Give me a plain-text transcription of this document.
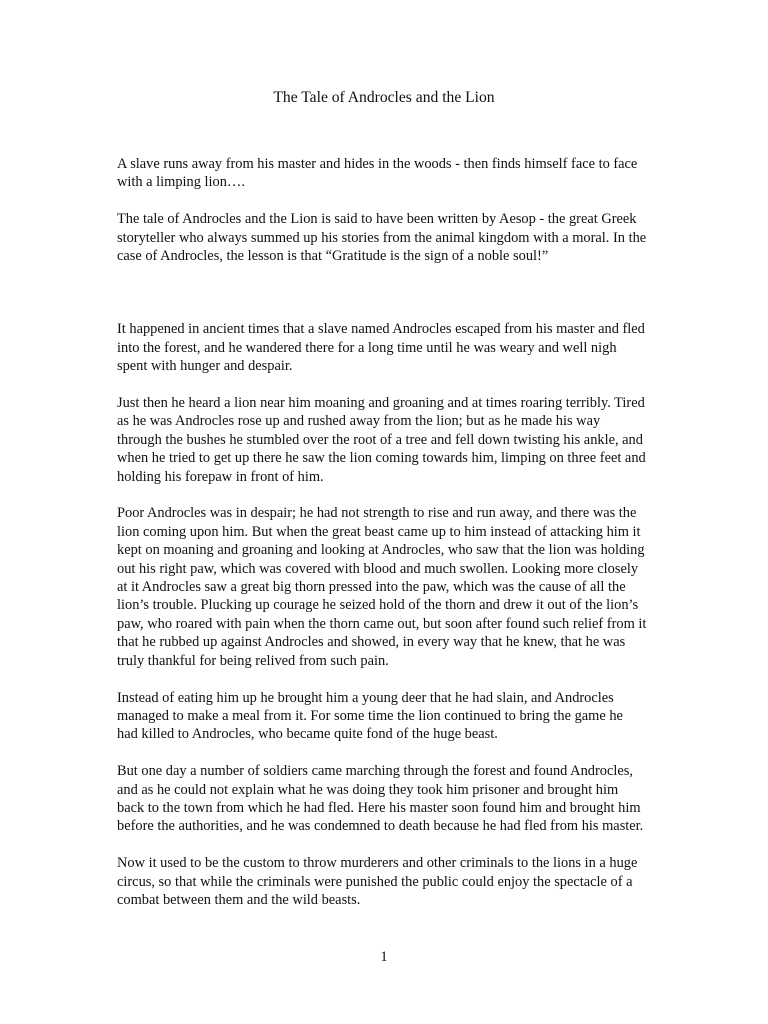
The Tale of Androcles and the Lion

A slave runs away from his master and hides in the woods - then finds himself face to face with a limping lion….

The tale of Androcles and the Lion is said to have been written by Aesop - the great Greek storyteller who always summed up his stories from the animal kingdom with a moral. In the case of Androcles, the lesson is that “Gratitude is the sign of a noble soul!”

It happened in ancient times that a slave named Androcles escaped from his master and fled into the forest, and he wandered there for a long time until he was weary and well nigh spent with hunger and despair.

Just then he heard a lion near him moaning and groaning and at times roaring terribly. Tired as he was Androcles rose up and rushed away from the lion; but as he made his way through the bushes he stumbled over the root of a tree and fell down twisting his ankle, and when he tried to get up there he saw the lion coming towards him, limping on three feet and holding his forepaw in front of him.

Poor Androcles was in despair; he had not strength to rise and run away, and there was the lion coming upon him. But when the great beast came up to him instead of attacking him it kept on moaning and groaning and looking at Androcles, who saw that the lion was holding out his right paw, which was covered with blood and much swollen. Looking more closely at it Androcles saw a great big thorn pressed into the paw, which was the cause of all the lion’s trouble. Plucking up courage he seized hold of the thorn and drew it out of the lion’s paw, who roared with pain when the thorn came out, but soon after found such relief from it that he rubbed up against Androcles and showed, in every way that he knew, that he was truly thankful for being relived from such pain.

Instead of eating him up he brought him a young deer that he had slain, and Androcles managed to make a meal from it. For some time the lion continued to bring the game he had killed to Androcles, who became quite fond of the huge beast.

But one day a number of soldiers came marching through the forest and found Androcles, and as he could not explain what he was doing they took him prisoner and brought him back to the town from which he had fled. Here his master soon found him and brought him before the authorities, and he was condemned to death because he had fled from his master.

Now it used to be the custom to throw murderers and other criminals to the lions in a huge circus, so that while the criminals were punished the public could enjoy the spectacle of a combat between them and the wild beasts.

1
